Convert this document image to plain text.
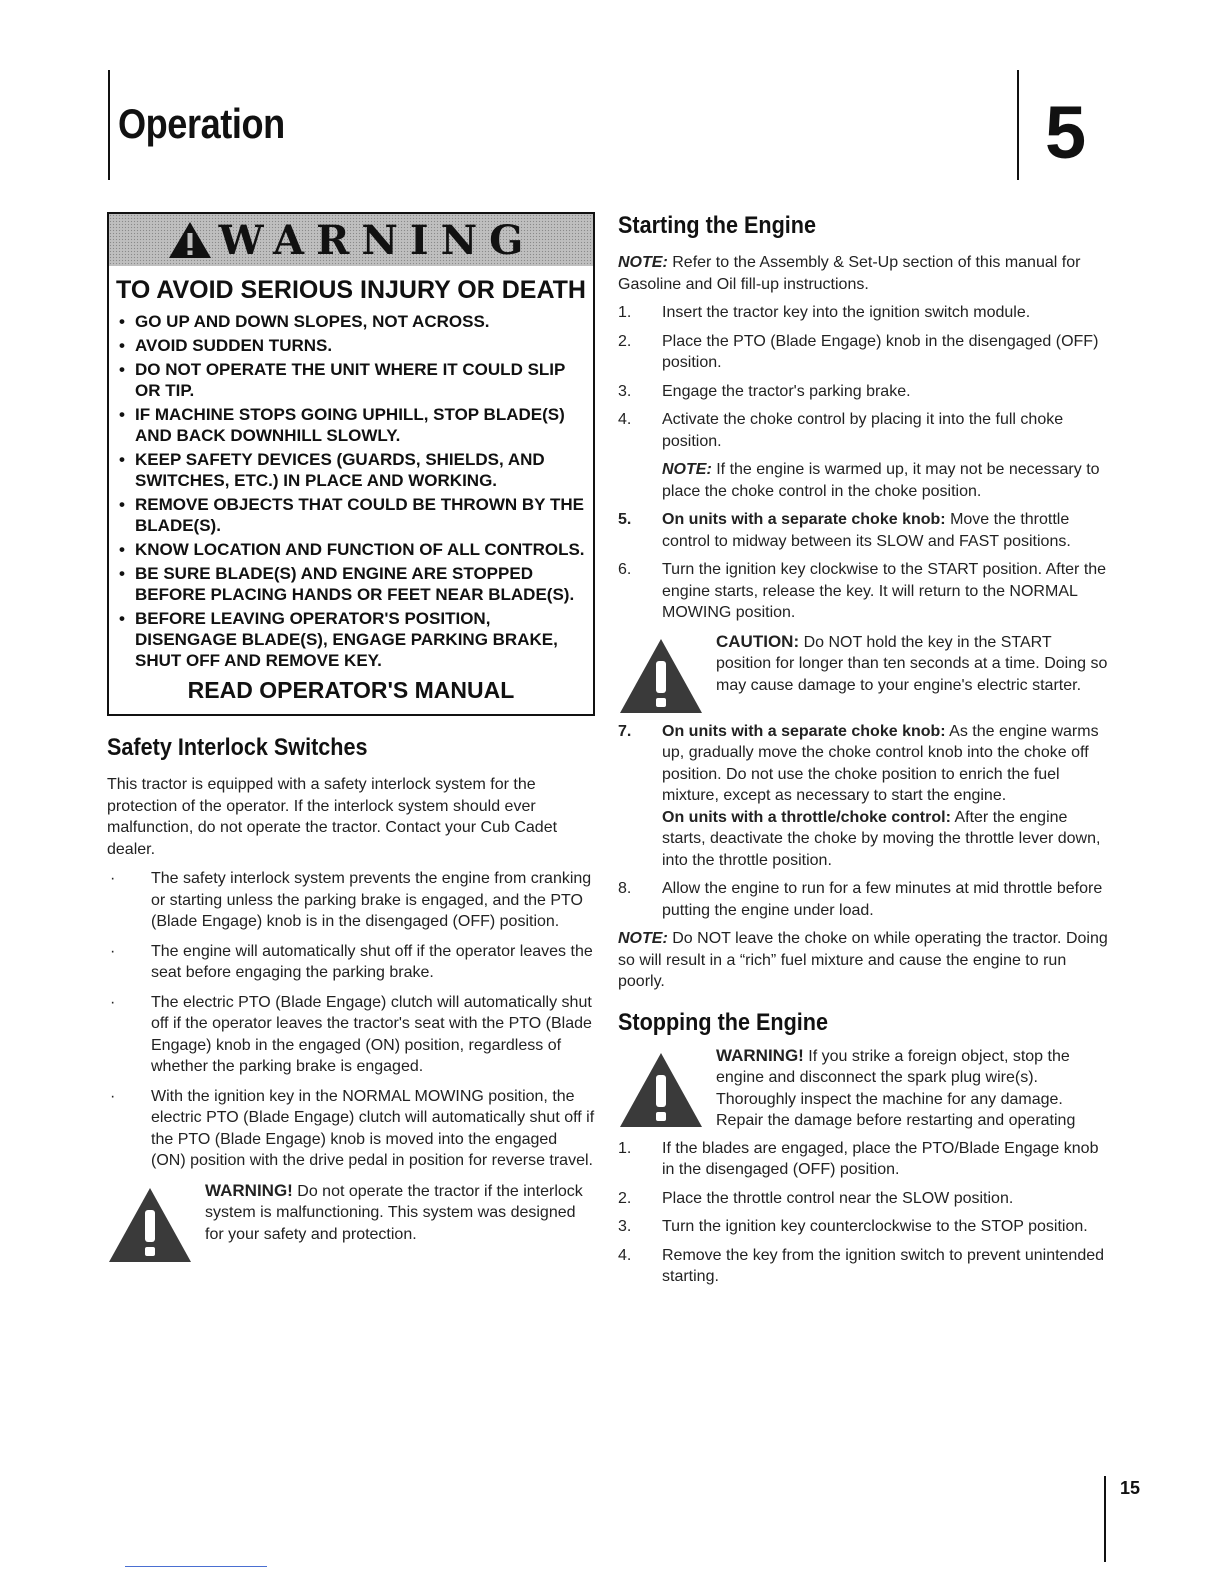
Operation	5
WARNING
TO AVOID SERIOUS INJURY OR DEATH
• GO UP AND DOWN SLOPES, NOT ACROSS.
• AVOID SUDDEN TURNS.
• DO NOT OPERATE THE UNIT WHERE IT COULD SLIP OR TIP.
• IF MACHINE STOPS GOING UPHILL, STOP BLADE(S) AND BACK DOWNHILL SLOWLY.
• KEEP SAFETY DEVICES (GUARDS, SHIELDS, AND SWITCHES, ETC.) IN PLACE AND WORKING.
• REMOVE OBJECTS THAT COULD BE THROWN BY THE BLADE(S).
• KNOW LOCATION AND FUNCTION OF ALL CONTROLS.
• BE SURE BLADE(S) AND ENGINE ARE STOPPED BEFORE PLACING HANDS OR FEET NEAR BLADE(S).
• BEFORE LEAVING OPERATOR'S POSITION, DISENGAGE BLADE(S), ENGAGE PARKING BRAKE, SHUT OFF AND REMOVE KEY.
READ OPERATOR'S MANUAL
Safety Interlock Switches

This tractor is equipped with a safety interlock system for the protection of the operator. If the interlock system should ever malfunction, do not operate the tractor. Contact your Cub Cadet dealer.

· The safety interlock system prevents the engine from cranking or starting unless the parking brake is engaged, and the PTO (Blade Engage) knob is in the disengaged (OFF) position.
· The engine will automatically shut off if the operator leaves the seat before engaging the parking brake.
· The electric PTO (Blade Engage) clutch will automatically shut off if the operator leaves the tractor's seat with the PTO (Blade Engage) knob in the engaged (ON) position, regardless of whether the parking brake is engaged.
· With the ignition key in the NORMAL MOWING position, the electric PTO (Blade Engage) clutch will automatically shut off if the PTO (Blade Engage) knob is moved into the engaged (ON) position with the drive pedal in position for reverse travel.
WARNING! Do not operate the tractor if the interlock system is malfunctioning. This system was designed for your safety and protection.
Starting the Engine

NOTE: Refer to the Assembly & Set-Up section of this manual for Gasoline and Oil fill-up instructions.

1. Insert the tractor key into the ignition switch module.
2. Place the PTO (Blade Engage) knob in the disengaged (OFF) position.
3. Engage the tractor's parking brake.
4. Activate the choke control by placing it into the full choke position.

NOTE: If the engine is warmed up, it may not be necessary to place the choke control in the choke position.

5. On units with a separate choke knob: Move the throttle control to midway between its SLOW and FAST positions.
6. Turn the ignition key clockwise to the START position. After the engine starts, release the key. It will return to the NORMAL MOWING position.
CAUTION: Do NOT hold the key in the START position for longer than ten seconds at a time. Doing so may cause damage to your engine's electric starter.
7. On units with a separate choke knob: As the engine warms up, gradually move the choke control knob into the choke off position. Do not use the choke position to enrich the fuel mixture, except as necessary to start the engine.
On units with a throttle/choke control: After the engine starts, deactivate the choke by moving the throttle lever down, into the throttle position.
8. Allow the engine to run for a few minutes at mid throttle before putting the engine under load.

NOTE: Do NOT leave the choke on while operating the tractor. Doing so will result in a “rich” fuel mixture and cause the engine to run poorly.

Stopping the Engine
WARNING! If you strike a foreign object, stop the engine and disconnect the spark plug wire(s). Thoroughly inspect the machine for any damage. Repair the damage before restarting and operating
1. If the blades are engaged, place the PTO/Blade Engage knob in the disengaged (OFF) position.
2. Place the throttle control near the SLOW position.
3. Turn the ignition key counterclockwise to the STOP position.
4. Remove the key from the ignition switch to prevent unintended starting.
15
